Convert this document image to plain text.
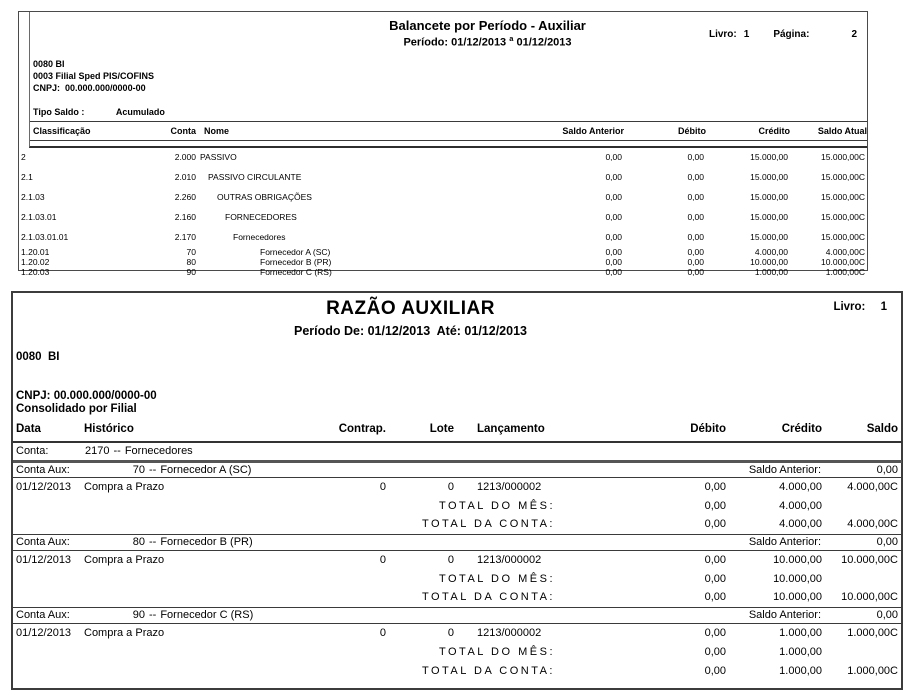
Livro: 1 Página:	2
Balancete por Período - Auxiliar
Período: 01/12/2013 $^a$ 01/12/2013
0080 BI
0003 Filial Sped PIS/COFINS
CNPJ:  00.000.000/0000-00
Tipo Saldo :	Acumulado
Classificação	Conta	Nome	Saldo Anterior	Débito	Crédito	Saldo Atual
2	2.000	PASSIVO	0,00	0,00	15.000,00	15.000,00C
2.1	2.010	PASSIVO CIRCULANTE	0,00	0,00	15.000,00	15.000,00C
2.1.03	2.260	OUTRAS OBRIGAÇÕES	0,00	0,00	15.000,00	15.000,00C
2.1.03.01	2.160	FORNECEDORES	0,00	0,00	15.000,00	15.000,00C
2.1.03.01.01	2.170	Fornecedores	0,00	0,00	15.000,00	15.000,00C
1.20.01	70	Fornecedor A (SC)	0,00	0,00	4.000,00	4.000,00C
1.20.02	80	Fornecedor B (PR)	0,00	0,00	10.000,00	10.000,00C
1.20.03	90	Fornecedor C (RS)	0,00	0,00	1.000,00	1.000,00C
RAZÃO AUXILIAR
Período De: 01/12/2013  Até: 01/12/2013
Livro: 1
0080  BI
CNPJ: 00.000.000/0000-00
Consolidado por Filial
Data	Histórico	Contrap.	Lote	Lançamento	Débito	Crédito	Saldo
Conta: 2170 -- Fornecedores							
Conta Aux: 70 -- Fornecedor A (SC)					Saldo Anterior:		0,00
01/12/2013	Compra a Prazo	0	0	1213/000002	0,00	4.000,00	4.000,00C
		TOTAL DO MÊS:			0,00	4.000,00	
		TOTAL DA CONTA:			0,00	4.000,00	4.000,00C
Conta Aux: 80 -- Fornecedor B (PR)					Saldo Anterior:		0,00
01/12/2013	Compra a Prazo	0	0	1213/000002	0,00	10.000,00	10.000,00C
		TOTAL DO MÊS:			0,00	10.000,00	
		TOTAL DA CONTA:			0,00	10.000,00	10.000,00C
Conta Aux: 90 -- Fornecedor C (RS)					Saldo Anterior:		0,00
01/12/2013	Compra a Prazo	0	0	1213/000002	0,00	1.000,00	1.000,00C
		TOTAL DO MÊS:			0,00	1.000,00	
		TOTAL DA CONTA:			0,00	1.000,00	1.000,00C
